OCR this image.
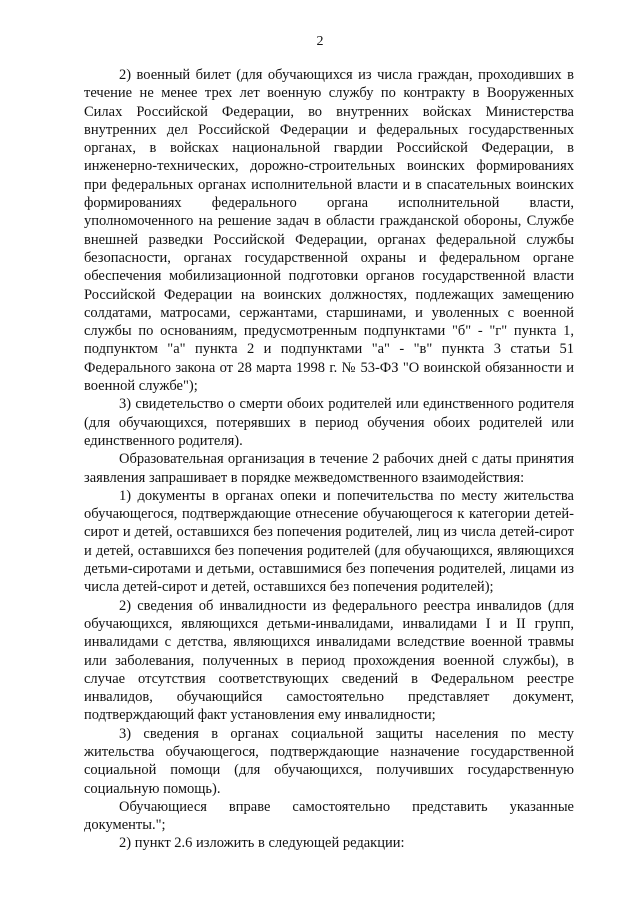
2

2) военный билет (для обучающихся из числа граждан, проходивших в течение не менее трех лет военную службу по контракту в Вооруженных Силах Российской Федерации, во внутренних войсках Министерства внутренних дел Российской Федерации и федеральных государственных органах, в войсках национальной гвардии Российской Федерации, в инженерно-технических, дорожно-строительных воинских формированиях при федеральных органах исполнительной власти и в спасательных воинских формированиях федерального органа исполнительной власти, уполномоченного на решение задач в области гражданской обороны, Службе внешней разведки Российской Федерации, органах федеральной службы безопасности, органах государственной охраны и федеральном органе обеспечения мобилизационной подготовки органов государственной власти Российской Федерации на воинских должностях, подлежащих замещению солдатами, матросами, сержантами, старшинами, и уволенных с военной службы по основаниям, предусмотренным подпунктами "б" - "г" пункта 1, подпунктом "а" пункта 2 и подпунктами "а" - "в" пункта 3 статьи 51 Федерального закона от 28 марта 1998 г. № 53-ФЗ "О воинской обязанности и военной службе");

3) свидетельство о смерти обоих родителей или единственного родителя (для обучающихся, потерявших в период обучения обоих родителей или единственного родителя).

Образовательная организация в течение 2 рабочих дней с даты принятия заявления запрашивает в порядке межведомственного взаимодействия:

1) документы в органах опеки и попечительства по месту жительства обучающегося, подтверждающие отнесение обучающегося к категории детей-сирот и детей, оставшихся без попечения родителей, лиц из числа детей-сирот и детей, оставшихся без попечения родителей (для обучающихся, являющихся детьми-сиротами и детьми, оставшимися без попечения родителей, лицами из числа детей-сирот и детей, оставшихся без попечения родителей);

2) сведения об инвалидности из федерального реестра инвалидов (для обучающихся, являющихся детьми-инвалидами, инвалидами I и II групп, инвалидами с детства, являющихся инвалидами вследствие военной травмы или заболевания, полученных в период прохождения военной службы), в случае отсутствия соответствующих сведений в Федеральном реестре инвалидов, обучающийся самостоятельно представляет документ, подтверждающий факт установления ему инвалидности;

3) сведения в органах социальной защиты населения по месту жительства обучающегося, подтверждающие назначение государственной социальной помощи (для обучающихся, получивших государственную социальную помощь).

Обучающиеся вправе самостоятельно представить указанные документы.";

2) пункт 2.6 изложить в следующей редакции:
